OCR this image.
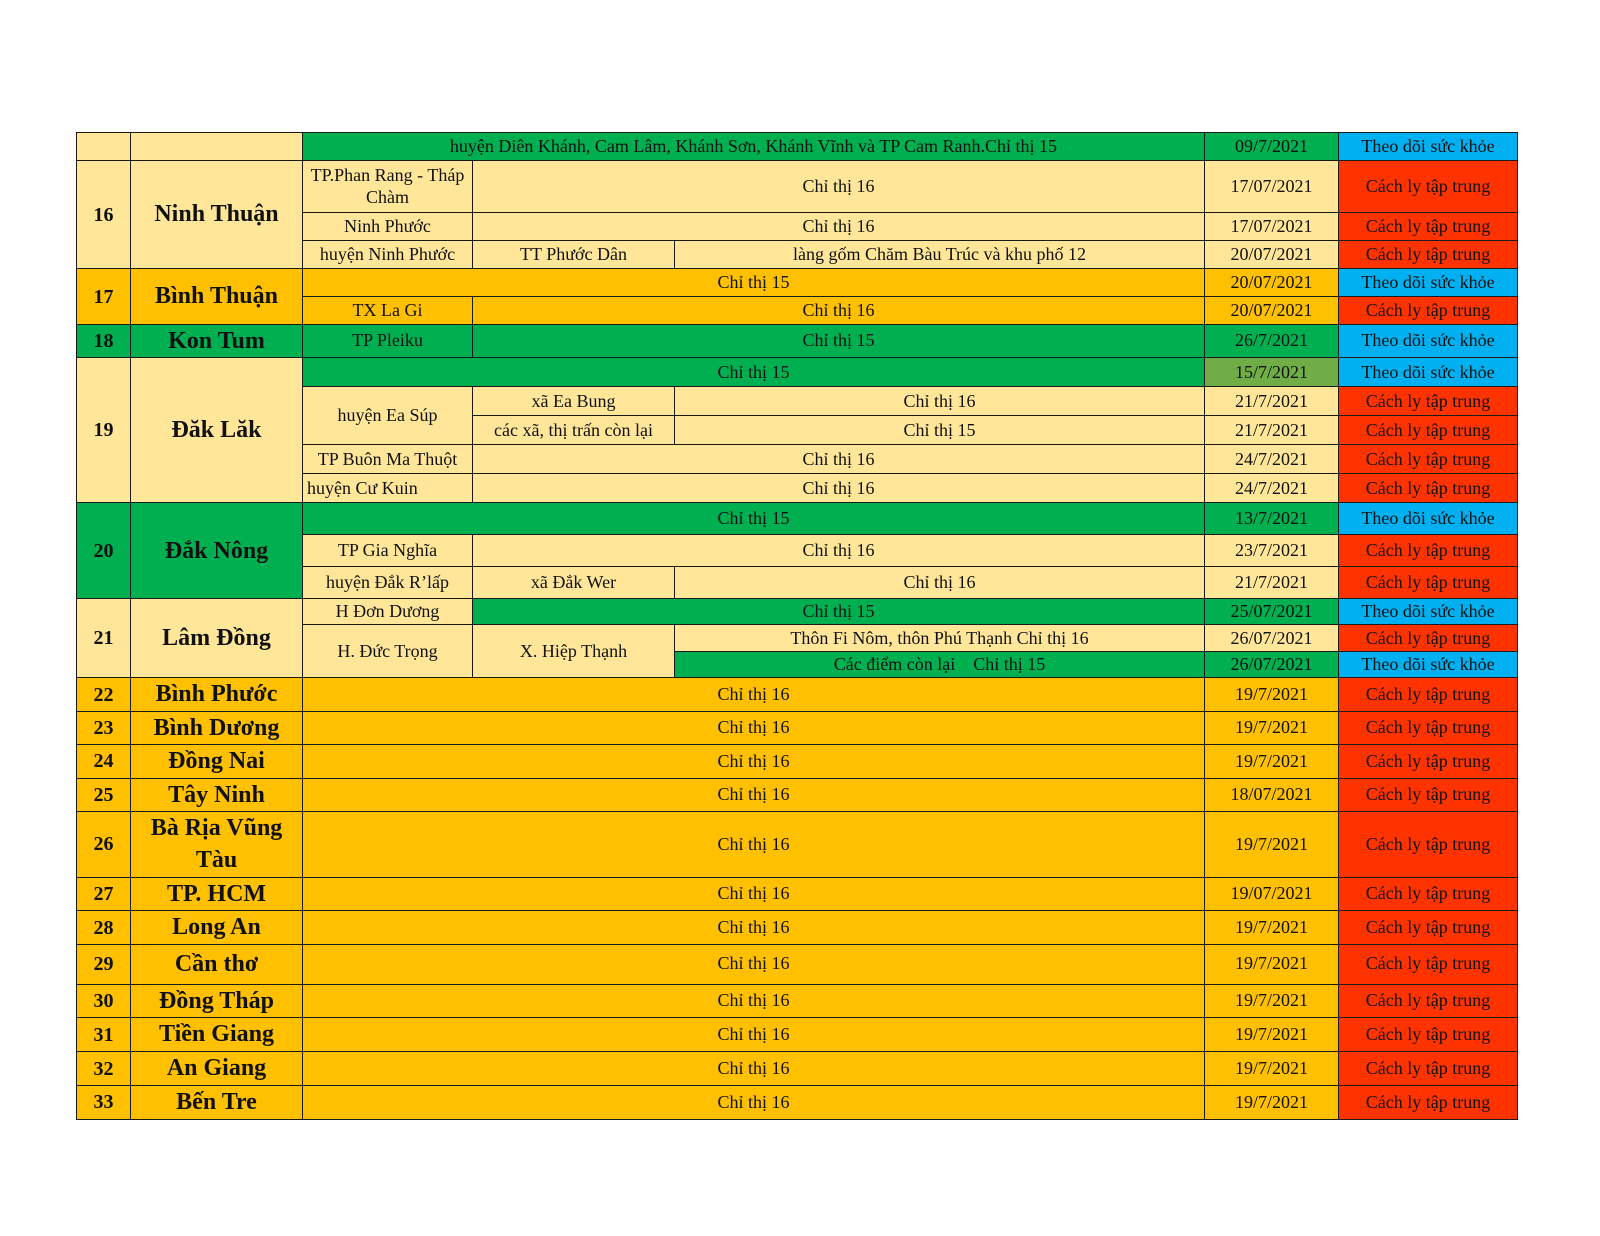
		huyện Diên Khánh, Cam Lâm, Khánh Sơn, Khánh Vĩnh và TP Cam Ranh.Chỉ thị 15			09/7/2021	Theo dõi sức khỏe
16	Ninh Thuận	TP.Phan Rang - Tháp Chàm	Chỉ thị 16		17/07/2021	Cách ly tập trung
		Ninh Phước	Chỉ thị 16		17/07/2021	Cách ly tập trung
		huyện Ninh Phước	TT Phước Dân	làng gốm Chăm Bàu Trúc và khu phố 12	20/07/2021	Cách ly tập trung
17	Bình Thuận	Chỉ thị 15			20/07/2021	Theo dõi sức khỏe
		TX La Gi	Chỉ thị 16		20/07/2021	Cách ly tập trung
18	Kon Tum	TP Pleiku	Chỉ thị 15		26/7/2021	Theo dõi sức khỏe
19	Đăk Lăk	Chỉ thị 15			15/7/2021	Theo dõi sức khỏe
		huyện Ea Súp	xã Ea Bung	Chỉ thị 16	21/7/2021	Cách ly tập trung
			các xã, thị trấn còn lại	Chỉ thị 15	21/7/2021	Cách ly tập trung
		TP Buôn Ma Thuột	Chỉ thị 16		24/7/2021	Cách ly tập trung
		huyện Cư Kuin	Chỉ thị 16		24/7/2021	Cách ly tập trung
20	Đắk Nông	Chỉ thị 15			13/7/2021	Theo dõi sức khỏe
		TP Gia Nghĩa	Chỉ thị 16		23/7/2021	Cách ly tập trung
		huyện Đắk R’lấp	xã Đắk Wer	Chỉ thị 16	21/7/2021	Cách ly tập trung
21	Lâm Đồng	H Đơn Dương	Chỉ thị 15		25/07/2021	Theo dõi sức khỏe
		H. Đức Trọng	X. Hiệp Thạnh	Thôn Fi Nôm, thôn Phú Thạnh Chỉ thị 16	26/07/2021	Cách ly tập trung
				Các điểm còn lại    Chỉ thị 15	26/07/2021	Theo dõi sức khỏe
22	Bình Phước	Chỉ thị 16			19/7/2021	Cách ly tập trung
23	Bình Dương	Chỉ thị 16			19/7/2021	Cách ly tập trung
24	Đồng Nai	Chỉ thị 16			19/7/2021	Cách ly tập trung
25	Tây Ninh	Chỉ thị 16			18/07/2021	Cách ly tập trung
26	Bà Rịa Vũng Tàu	Chỉ thị 16			19/7/2021	Cách ly tập trung
27	TP. HCM	Chỉ thị 16			19/07/2021	Cách ly tập trung
28	Long An	Chỉ thị 16			19/7/2021	Cách ly tập trung
29	Cần thơ	Chỉ thị 16			19/7/2021	Cách ly tập trung
30	Đồng Tháp	Chỉ thị 16			19/7/2021	Cách ly tập trung
31	Tiền Giang	Chỉ thị 16			19/7/2021	Cách ly tập trung
32	An Giang	Chỉ thị 16			19/7/2021	Cách ly tập trung
33	Bến Tre	Chỉ thị 16			19/7/2021	Cách ly tập trung
